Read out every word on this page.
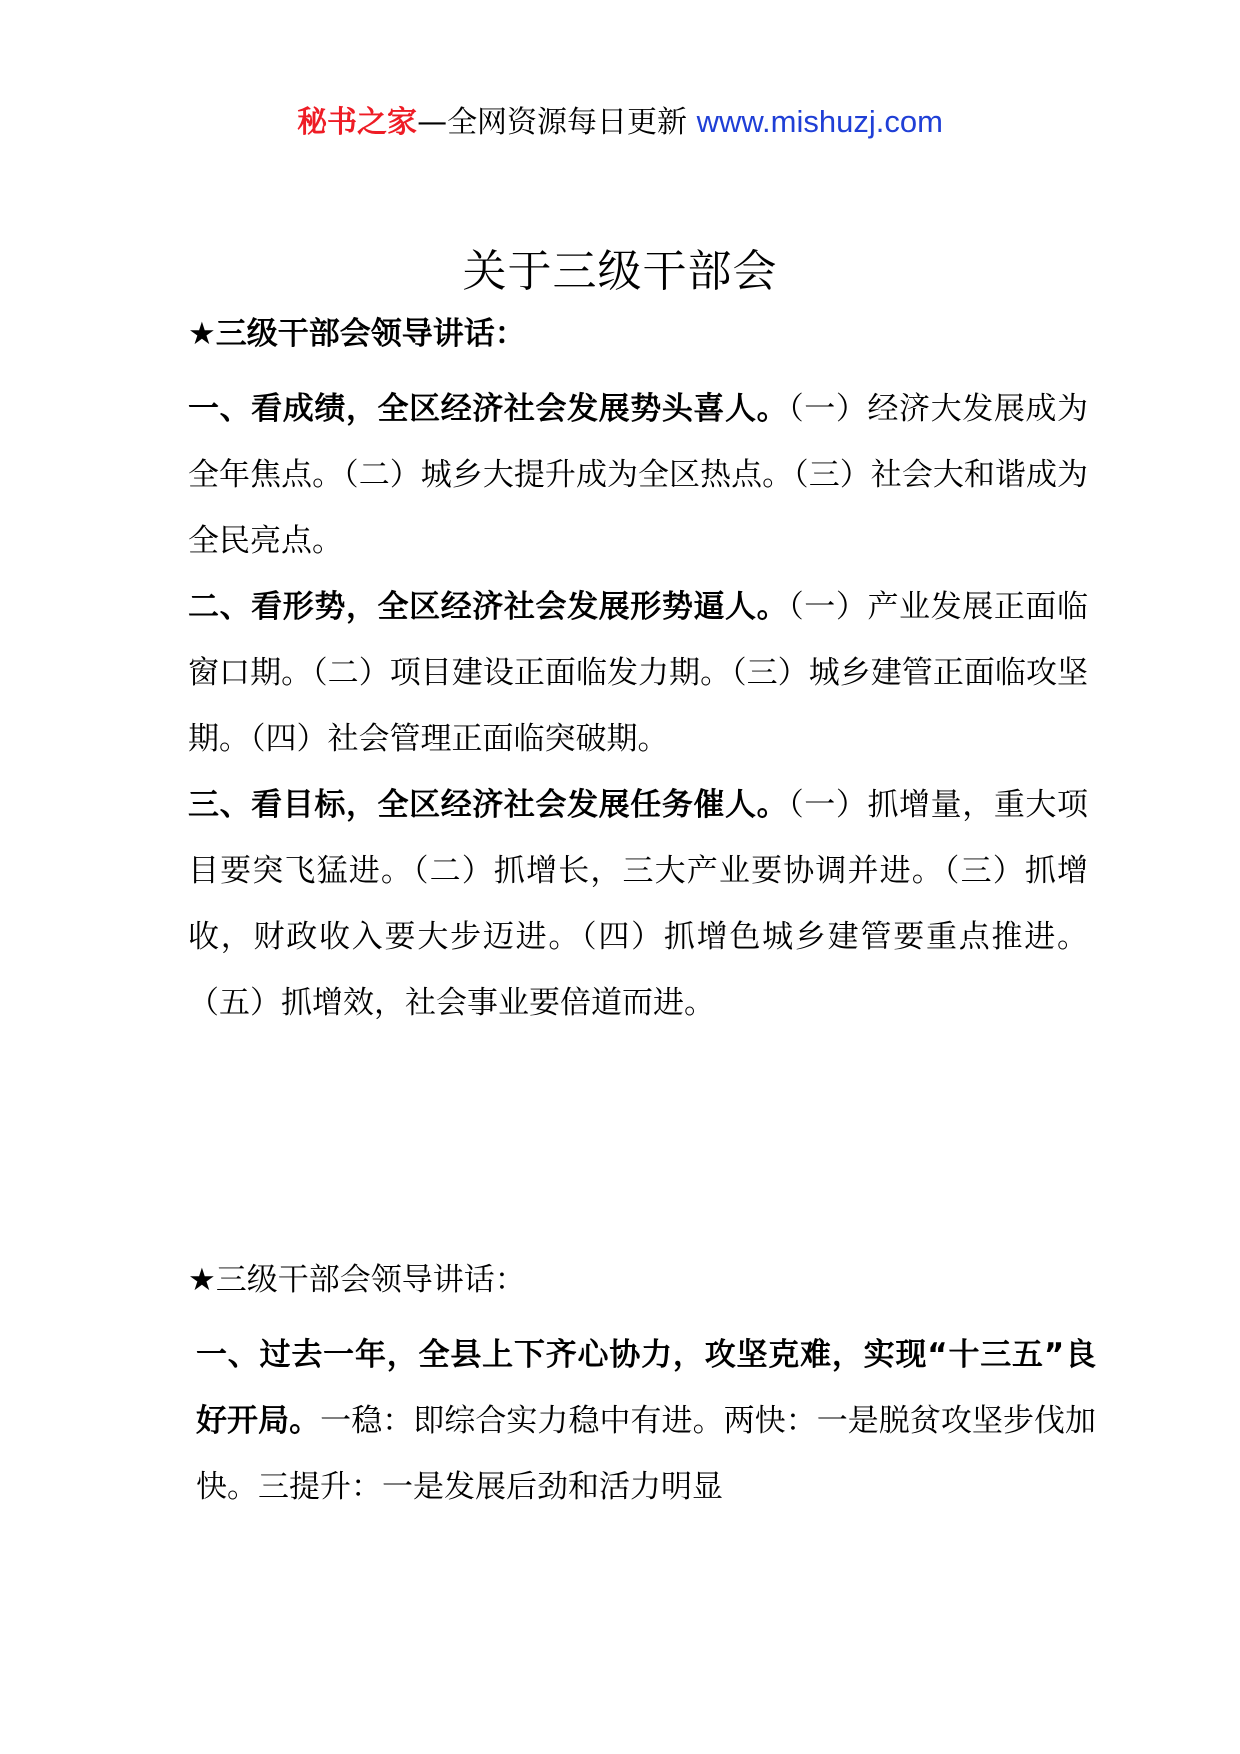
秘书之家—全网资源每日更新 www.mishuzj.com
关于三级干部会
★三级干部会领导讲话：
一、看成绩，全区经济社会发展势头喜人。（一）经济大发展成为全年焦点。（二）城乡大提升成为全区热点。（三）社会大和谐成为全民亮点。
二、看形势，全区经济社会发展形势逼人。（一）产业发展正面临窗口期。（二）项目建设正面临发力期。（三）城乡建管正面临攻坚期。（四）社会管理正面临突破期。
三、看目标，全区经济社会发展任务催人。（一）抓增量，重大项目要突飞猛进。（二）抓增长，三大产业要协调并进。（三）抓增收，财政收入要大步迈进。（四）抓增色城乡建管要重点推进。（五）抓增效，社会事业要倍道而进。
★三级干部会领导讲话：
一、过去一年，全县上下齐心协力，攻坚克难，实现“十三五”良好开局。一稳：即综合实力稳中有进。两快：一是脱贫攻坚步伐加快。三提升：一是发展后劲和活力明显
